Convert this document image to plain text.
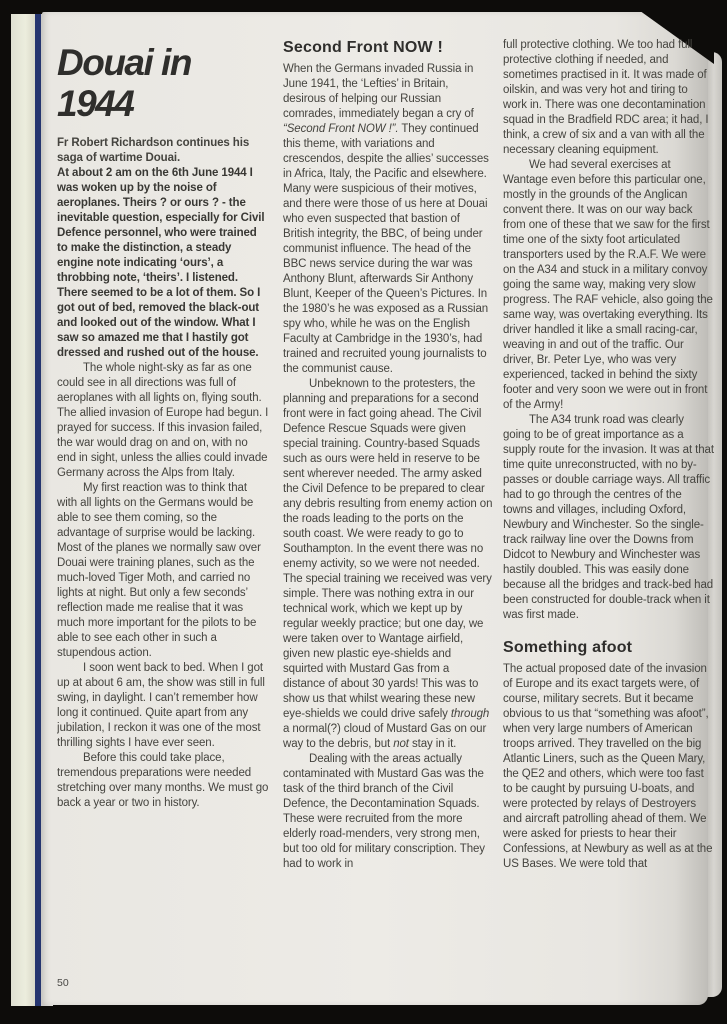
Douai in
1944

Fr Robert Richardson continues his saga of wartime Douai.

At about 2 am on the 6th June 1944 I was woken up by the noise of aeroplanes. Theirs ? or ours ? - the inevitable question, especially for Civil Defence personnel, who were trained to make the distinction, a steady engine note indicating ‘ours’, a throbbing note, ‘theirs’. I listened. There seemed to be a lot of them. So I got out of bed, removed the black-out and looked out of the window. What I saw so amazed me that I hastily got dressed and rushed out of the house.

The whole night-sky as far as one could see in all directions was full of aeroplanes with all lights on, flying south. The allied invasion of Europe had begun. I prayed for success. If this invasion failed, the war would drag on and on, with no end in sight, unless the allies could invade Germany across the Alps from Italy.

My first reaction was to think that with all lights on the Germans would be able to see them coming, so the advantage of surprise would be lacking. Most of the planes we normally saw over Douai were training planes, such as the much-loved Tiger Moth, and carried no lights at night. But only a few seconds’ reflection made me realise that it was much more important for the pilots to be able to see each other in such a stupendous action.

I soon went back to bed. When I got up at about 6 am, the show was still in full swing, in daylight. I can’t remember how long it continued. Quite apart from any jubilation, I reckon it was one of the most thrilling sights I have ever seen.

Before this could take place, tremendous preparations were needed stretching over many months. We must go back a year or two in history.

Second Front NOW !

When the Germans invaded Russia in June 1941, the ‘Lefties’ in Britain, desirous of helping our Russian comrades, immediately began a cry of “Second Front NOW !”. They continued this theme, with variations and crescendos, despite the allies’ successes in Africa, Italy, the Pacific and elsewhere. Many were suspicious of their motives, and there were those of us here at Douai who even suspected that bastion of British integrity, the BBC, of being under communist influence. The head of the BBC news service during the war was Anthony Blunt, afterwards Sir Anthony Blunt, Keeper of the Queen’s Pictures. In the 1980’s he was exposed as a Russian spy who, while he was on the English Faculty at Cambridge in the 1930’s, had trained and recruited young journalists to the communist cause.

Unbeknown to the protesters, the planning and preparations for a second front were in fact going ahead. The Civil Defence Rescue Squads were given special training. Country-based Squads such as ours were held in reserve to be sent wherever needed. The army asked the Civil Defence to be prepared to clear any debris resulting from enemy action on the roads leading to the ports on the south coast. We were ready to go to Southampton. In the event there was no enemy activity, so we were not needed. The special training we received was very simple. There was nothing extra in our technical work, which we kept up by regular weekly practice; but one day, we were taken over to Wantage airfield, given new plastic eye-shields and squirted with Mustard Gas from a distance of about 30 yards! This was to show us that whilst wearing these new eye-shields we could drive safely through a normal(?) cloud of Mustard Gas on our way to the debris, but not stay in it.

Dealing with the areas actually contaminated with Mustard Gas was the task of the third branch of the Civil Defence, the Decontamination Squads. These were recruited from the more elderly road-menders, very strong men, but too old for military conscription. They had to work in

full protective clothing. We too had full protective clothing if needed, and sometimes practised in it. It was made of oilskin, and was very hot and tiring to work in. There was one decontamination squad in the Bradfield RDC area; it had, I think, a crew of six and a van with all the necessary cleaning equipment.

We had several exercises at Wantage even before this particular one, mostly in the grounds of the Anglican convent there. It was on our way back from one of these that we saw for the first time one of the sixty foot articulated transporters used by the R.A.F. We were on the A34 and stuck in a military convoy going the same way, making very slow progress. The RAF vehicle, also going the same way, was overtaking everything. Its driver handled it like a small racing-car, weaving in and out of the traffic. Our driver, Br. Peter Lye, who was very experienced, tacked in behind the sixty footer and very soon we were out in front of the Army!

The A34 trunk road was clearly going to be of great importance as a supply route for the invasion. It was at that time quite unreconstructed, with no by-passes or double carriage ways. All traffic had to go through the centres of the towns and villages, including Oxford, Newbury and Winchester. So the single-track railway line over the Downs from Didcot to Newbury and Winchester was hastily doubled. This was easily done because all the bridges and track-bed had been constructed for double-track when it was first made.

Something afoot

The actual proposed date of the invasion of Europe and its exact targets were, of course, military secrets. But it became obvious to us that “something was afoot”, when very large numbers of American troops arrived. They travelled on the big Atlantic Liners, such as the Queen Mary, the QE2 and others, which were too fast to be caught by pursuing U-boats, and were protected by relays of Destroyers and aircraft patrolling ahead of them. We were asked for priests to hear their Confessions, at Newbury as well as at the US Bases. We were told that

50
